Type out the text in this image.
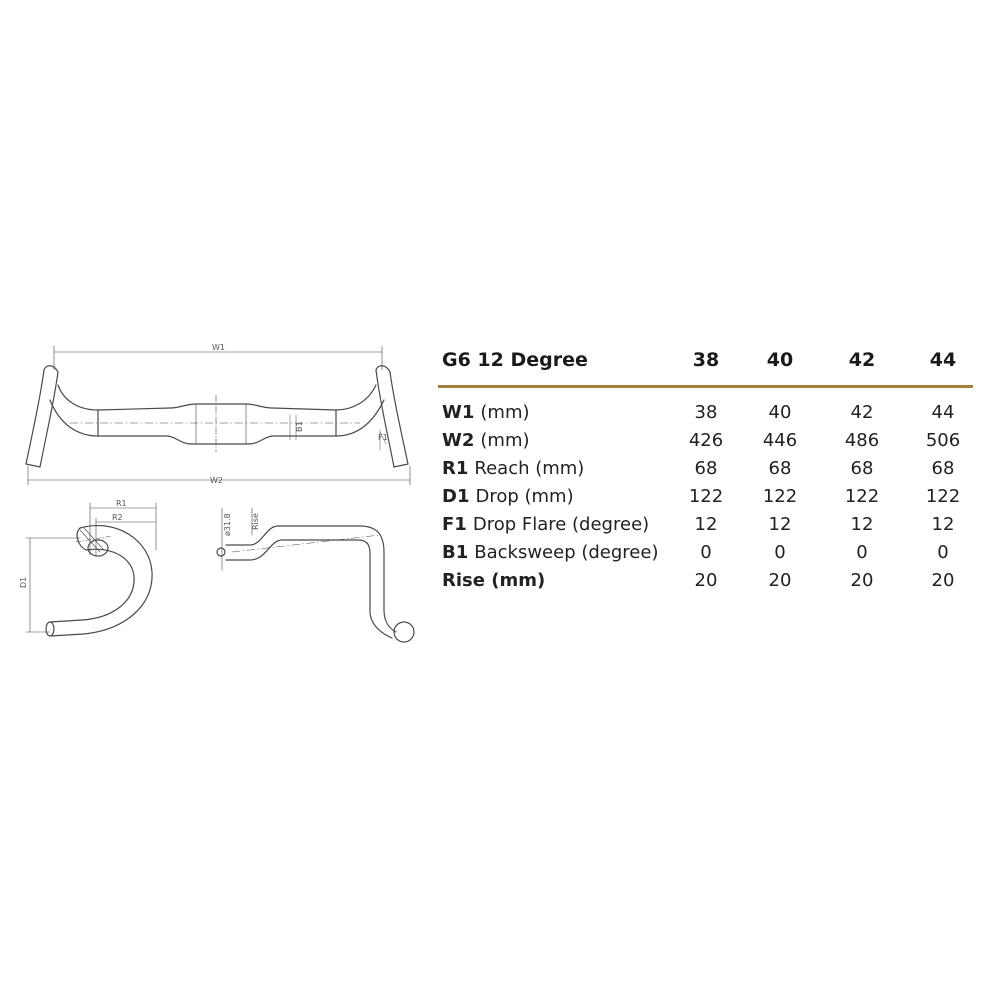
W1
W2
R1
R2
D1
F1
B1
ø31.8 Rise
G6 12 Degree	38	40	42	44
W1 (mm)	38	40	42	44
W2 (mm)	426	446	486	506
R1 Reach (mm)	68	68	68	68
D1 Drop (mm)	122	122	122	122
F1 Drop Flare (degree)	12	12	12	12
B1 Backsweep (degree)	0	0	0	0
Rise (mm)	20	20	20	20
